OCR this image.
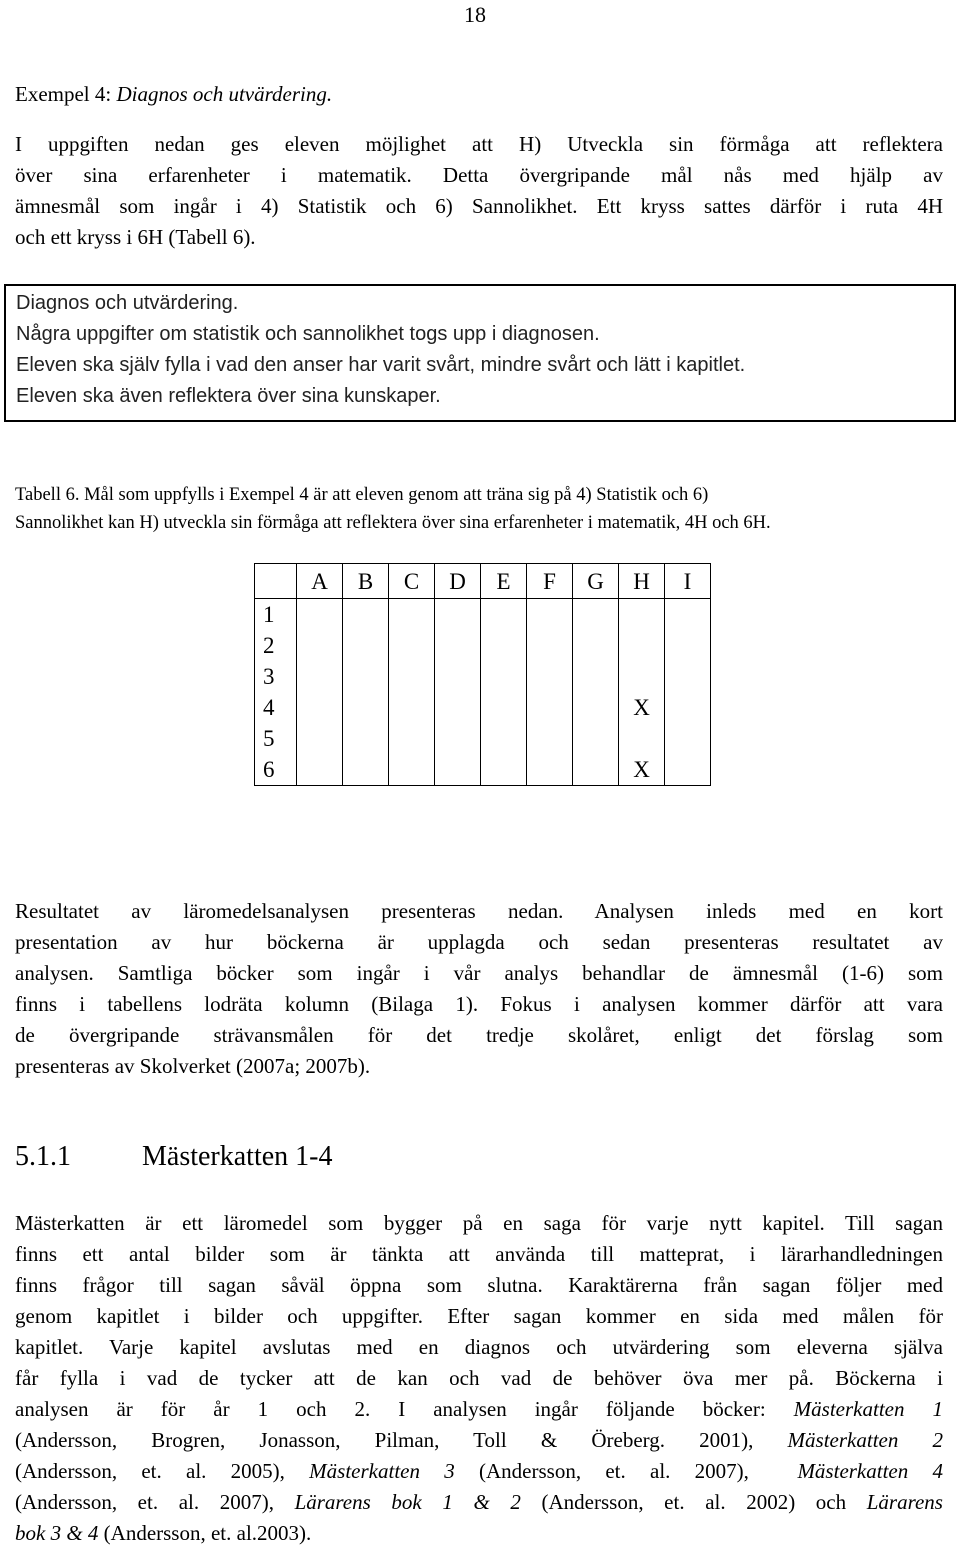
18
Exempel 4: Diagnos och utvärdering.
I uppgiften nedan ges eleven möjlighet att H) Utveckla sin förmåga att reflektera
över sina erfarenheter i matematik. Detta övergripande mål nås med hjälp av
ämnesmål som ingår i 4) Statistik och 6) Sannolikhet. Ett kryss sattes därför i ruta 4H
och ett kryss i 6H (Tabell 6).
Diagnos och utvärdering.
Några uppgifter om statistik och sannolikhet togs upp i diagnosen.
Eleven ska själv fylla i vad den anser har varit svårt, mindre svårt och lätt i kapitlet.
Eleven ska även reflektera över sina kunskaper.
Tabell 6. Mål som uppfylls i Exempel 4 är att eleven genom att träna sig på 4) Statistik och 6)
Sannolikhet kan H) utveckla sin förmåga att reflektera över sina erfarenheter i matematik, 4H och 6H.
	A	B	C	D	E	F	G	H	I
1									
2									
3									
4								X	
5									
6								X	
Resultatet av läromedelsanalysen presenteras nedan. Analysen inleds med en kort
presentation av hur böckerna är upplagda och sedan presenteras resultatet av
analysen. Samtliga böcker som ingår i vår analys behandlar de ämnesmål (1-6) som
finns i tabellens lodräta kolumn (Bilaga 1). Fokus i analysen kommer därför att vara
de övergripande strävansmålen för det tredje skolåret, enligt det förslag som
presenteras av Skolverket (2007a; 2007b).
5.1.1	Mästerkatten 1-4
Mästerkatten är ett läromedel som bygger på en saga för varje nytt kapitel. Till sagan
finns ett antal bilder som är tänkta att använda till matteprat, i lärarhandledningen
finns frågor till sagan såväl öppna som slutna. Karaktärerna från sagan följer med
genom kapitlet i bilder och uppgifter. Efter sagan kommer en sida med målen för
kapitlet. Varje kapitel avslutas med en diagnos och utvärdering som eleverna själva
får fylla i vad de tycker att de kan och vad de behöver öva mer på. Böckerna i
analysen är för år 1 och 2. I analysen ingår följande böcker: Mästerkatten 1
(Andersson, Brogren, Jonasson, Pilman, Toll & Öreberg. 2001), Mästerkatten 2
(Andersson, et. al. 2005), Mästerkatten 3 (Andersson, et. al. 2007),  Mästerkatten 4
(Andersson, et. al. 2007), Lärarens bok 1 & 2 (Andersson, et. al. 2002) och Lärarens
bok 3 & 4 (Andersson, et. al.2003).
